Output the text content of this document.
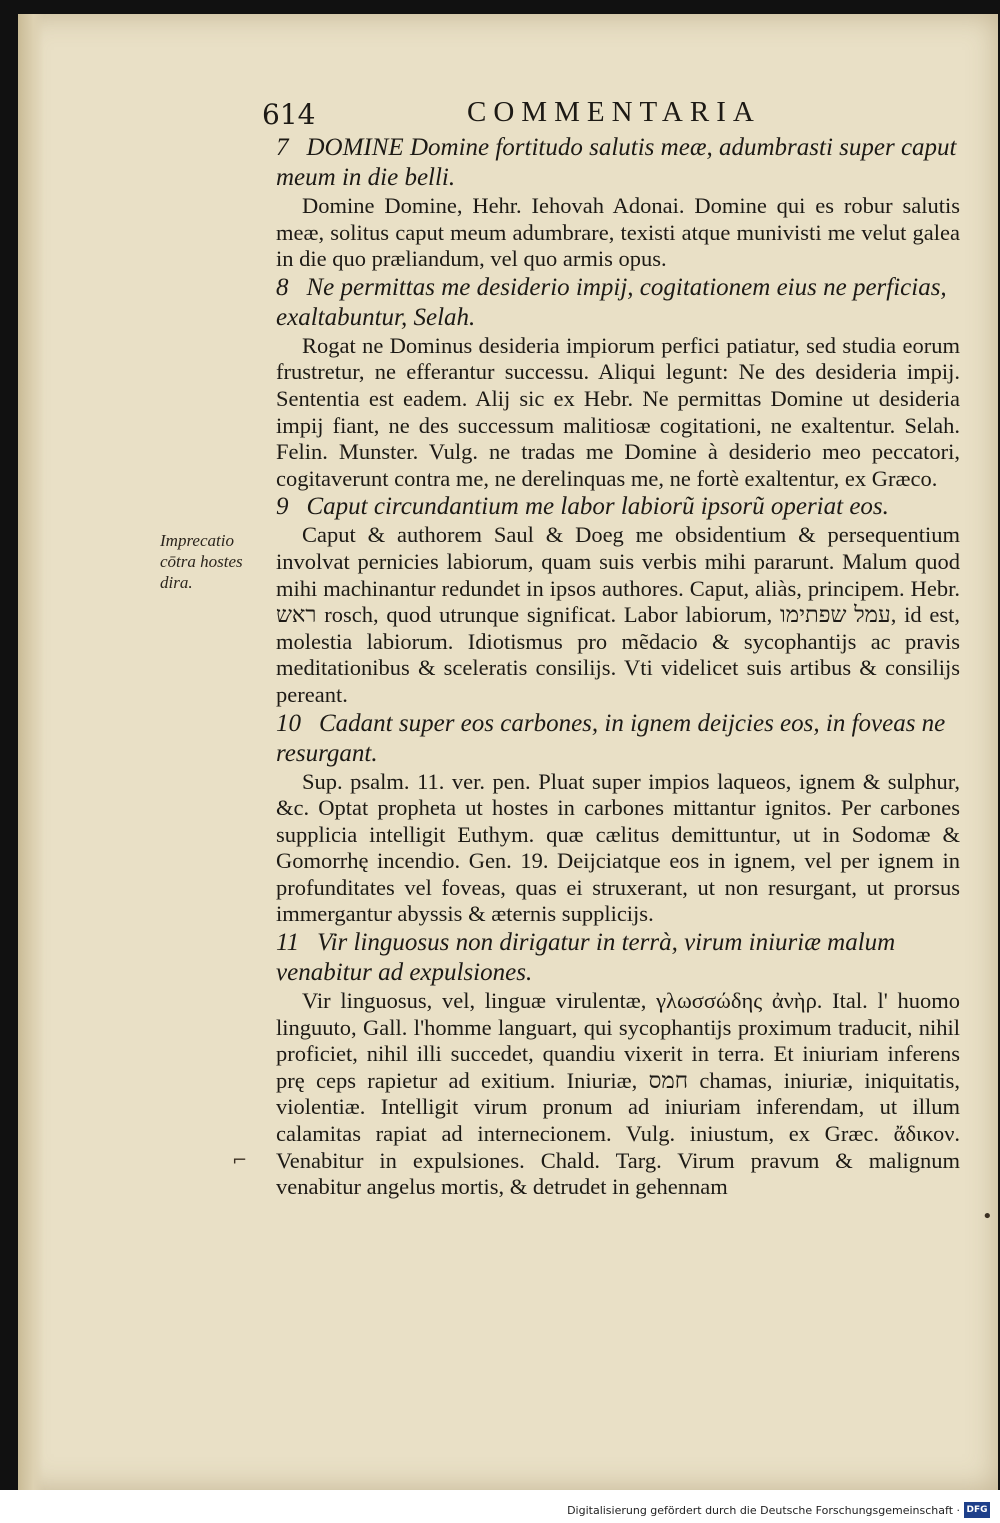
614	COMMENTARIA
Imprecatio cōtra hostes dira.

7 DOMINE Domine fortitudo salutis meæ, adumbrasti super caput meum in die belli.

Domine Domine, Hehr. Iehovah Adonai. Domine qui es robur salutis meæ, solitus caput meum adumbrare, texisti atque munivisti me velut galea in die quo præliandum, vel quo armis opus.

8 Ne permittas me desiderio impij, cogitationem eius ne perficias, exaltabuntur, Selah.

Rogat ne Dominus desideria impiorum perfici patiatur, sed studia eorum frustretur, ne efferantur successu. Aliqui legunt: Ne des desideria impij. Sententia est eadem. Alij sic ex Hebr. Ne permittas Domine ut desideria impij fiant, ne des successum malitiosæ cogitationi, ne exaltentur. Selah. Felin. Munster. Vulg. ne tradas me Domine à desiderio meo peccatori, cogitaverunt contra me, ne derelinquas me, ne fortè exaltentur, ex Græco.

9 Caput circundantium me labor labiorũ ipsorũ operiat eos.

Caput & authorem Saul & Doeg me obsidentium & persequentium involvat pernicies labiorum, quam suis verbis mihi pararunt. Malum quod mihi machinantur redundet in ipsos authores. Caput, aliàs, principem. Hebr. ראש rosch, quod utrunque significat. Labor labiorum, עמל שפתימו, id est, molestia labiorum. Idiotismus pro mẽdacio & sycophantijs ac pravis meditationibus & sceleratis consilijs. Vti videlicet suis artibus & consilijs pereant.

10 Cadant super eos carbones, in ignem deijcies eos, in foveas ne resurgant.

Sup. psalm. 11. ver. pen. Pluat super impios laqueos, ignem & sulphur, &c. Optat propheta ut hostes in carbones mittantur ignitos. Per carbones supplicia intelligit Euthym. quæ cælitus demittuntur, ut in Sodomæ & Gomorrhę incendio. Gen. 19. Deijciatque eos in ignem, vel per ignem in profunditates vel foveas, quas ei struxerant, ut non resurgant, ut prorsus immergantur abyssis & æternis supplicijs.

11 Vir linguosus non dirigatur in terrà, virum iniuriæ malum venabitur ad expulsiones.

Vir linguosus, vel, linguæ virulentæ, γλωσσώδης ἀνὴρ. Ital. l' huomo linguuto, Gall. l'homme languart, qui sycophantijs proximum traducit, nihil proficiet, nihil illi succedet, quandiu vixerit in terra. Et iniuriam inferens prę ceps rapietur ad exitium. Iniuriæ, חמס chamas, iniuriæ, iniquitatis, violentiæ. Intelligit virum pronum ad iniuriam inferendam, ut illum calamitas rapiat ad internecionem. Vulg. iniustum, ex Græc. ἄδικον. Venabitur in expulsiones. Chald. Targ. Virum pravum & malignum venabitur angelus mortis, & detrudet in gehennam

⌐
•
Digitalisierung gefördert durch die Deutsche Forschungsgemeinschaft · DFG
